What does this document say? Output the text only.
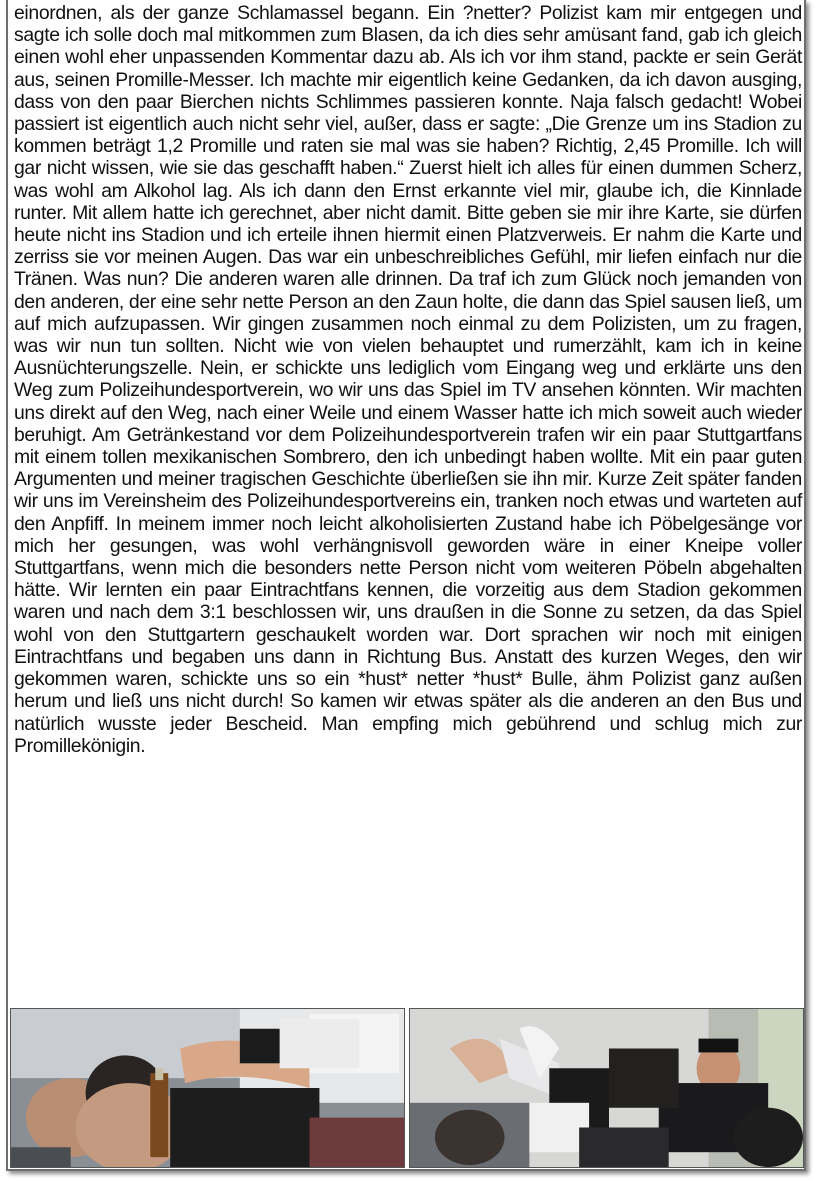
einordnen, als der ganze Schlamassel begann. Ein ?netter? Polizist kam mir entgegen und sagte ich solle doch mal mitkommen zum Blasen, da ich dies sehr amüsant fand, gab ich gleich einen wohl eher unpassenden Kommentar dazu ab. Als ich vor ihm stand, packte er sein Gerät aus, seinen Promille-Messer. Ich machte mir eigentlich keine Gedanken, da ich davon ausging, dass von den paar Bierchen nichts Schlimmes passieren konnte. Naja falsch gedacht! Wobei passiert ist eigentlich auch nicht sehr viel, außer, dass er sagte: „Die Grenze um ins Stadion zu kommen beträgt 1,2 Promille und raten sie mal was sie haben? Richtig, 2,45 Promille. Ich will gar nicht wissen, wie sie das geschafft haben.“ Zuerst hielt ich alles für einen dummen Scherz, was wohl am Alkohol lag. Als ich dann den Ernst erkannte viel mir, glaube ich, die Kinnlade runter. Mit allem hatte ich gerechnet, aber nicht damit. Bitte geben sie mir ihre Karte, sie dürfen heute nicht ins Stadion und ich erteile ihnen hiermit einen Platzverweis. Er nahm die Karte und zerriss sie vor meinen Augen. Das war ein unbeschreibliches Gefühl, mir liefen einfach nur die Tränen. Was nun? Die anderen waren alle drinnen. Da traf ich zum Glück noch jemanden von den anderen, der eine sehr nette Person an den Zaun holte, die dann das Spiel sausen ließ, um auf mich aufzupassen. Wir gingen zusammen noch einmal zu dem Polizisten, um zu fragen, was wir nun tun sollten. Nicht wie von vielen behauptet und rumerzählt, kam ich in keine Ausnüchterungszelle. Nein, er schickte uns lediglich vom Eingang weg und erklärte uns den Weg zum Polizeihundesportverein, wo wir uns das Spiel im TV ansehen könnten. Wir machten uns direkt auf den Weg, nach einer Weile und einem Wasser hatte ich mich soweit auch wieder beruhigt. Am Getränkestand vor dem Polizeihundesportverein trafen wir ein paar Stuttgartfans mit einem tollen mexikanischen Sombrero, den ich unbedingt haben wollte. Mit ein paar guten Argumenten und meiner tragischen Geschichte überließen sie ihn mir. Kurze Zeit später fanden wir uns im Vereinsheim des Polizeihundesportvereins ein, tranken noch etwas und warteten auf den Anpfiff. In meinem immer noch leicht alkoholisierten Zustand habe ich Pöbelgesänge vor mich her gesungen, was wohl verhängnisvoll geworden wäre in einer Kneipe voller Stuttgartfans, wenn mich die besonders nette Person nicht vom weiteren Pöbeln abgehalten hätte. Wir lernten ein paar Eintrachtfans kennen, die vorzeitig aus dem Stadion gekommen waren und nach dem 3:1 beschlossen wir, uns draußen in die Sonne zu setzen, da das Spiel wohl von den Stuttgartern geschaukelt worden war. Dort sprachen wir noch mit einigen Eintrachtfans und begaben uns dann in Richtung Bus. Anstatt des kurzen Weges, den wir gekommen waren, schickte uns so ein *hust* netter *hust* Bulle, ähm Polizist ganz außen herum und ließ uns nicht durch! So kamen wir etwas später als die anderen an den Bus und natürlich wusste jeder Bescheid. Man empfing mich gebührend und schlug mich zur Promillekönigin.
